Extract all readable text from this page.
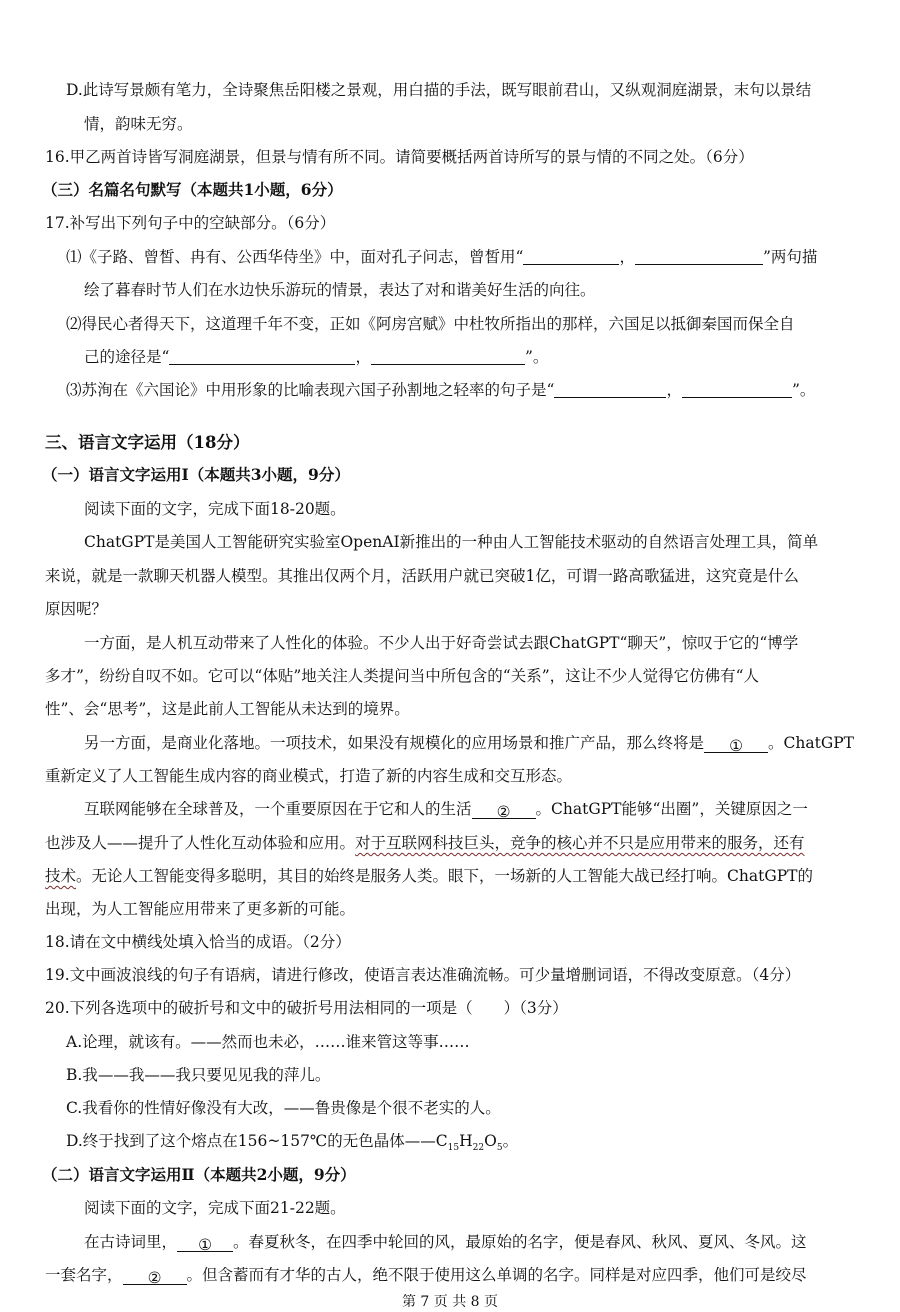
D.此诗写景颇有笔力，全诗聚焦岳阳楼之景观，用白描的手法，既写眼前君山，又纵观洞庭湖景，末句以景结
情，韵味无穷。
16.甲乙两首诗皆写洞庭湖景，但景与情有所不同。请简要概括两首诗所写的景与情的不同之处。（6分）
（三）名篇名句默写（本题共1小题，6分）
17.补写出下列句子中的空缺部分。（6分）
⑴《子路、曾皙、冉有、公西华侍坐》中，面对孔子问志，曾皙用“	，	”两句描
绘了暮春时节人们在水边快乐游玩的情景，表达了对和谐美好生活的向往。
⑵得民心者得天下，这道理千年不变，正如《阿房宫赋》中杜牧所指出的那样，六国足以抵御秦国而保全自
己的途径是“	，	”。
⑶苏洵在《六国论》中用形象的比喻表现六国子孙割地之轻率的句子是“	，	”。
三、语言文字运用（18分）
（一）语言文字运用Ⅰ（本题共3小题，9分）
阅读下面的文字，完成下面18-20题。
ChatGPT是美国人工智能研究实验室OpenAI新推出的一种由人工智能技术驱动的自然语言处理工具，简单
来说，就是一款聊天机器人模型。其推出仅两个月，活跃用户就已突破1亿，可谓一路高歌猛进，这究竟是什么
原因呢？
一方面，是人机互动带来了人性化的体验。不少人出于好奇尝试去跟ChatGPT“聊天”，惊叹于它的“博学
多才”，纷纷自叹不如。它可以“体贴”地关注人类提问当中所包含的“关系”，这让不少人觉得它仿佛有“人
性”、会“思考”，这是此前人工智能从未达到的境界。
另一方面，是商业化落地。一项技术，如果没有规模化的应用场景和推广产品，那么终将是 ① 。ChatGPT
重新定义了人工智能生成内容的商业模式，打造了新的内容生成和交互形态。
互联网能够在全球普及，一个重要原因在于它和人的生活 ② 。ChatGPT能够“出圈”，关键原因之一
也涉及人——提升了人性化互动体验和应用。对于互联网科技巨头，竞争的核心并不只是应用带来的服务，还有
技术。无论人工智能变得多聪明，其目的始终是服务人类。眼下，一场新的人工智能大战已经打响。ChatGPT的
出现，为人工智能应用带来了更多新的可能。
18.请在文中横线处填入恰当的成语。（2分）
19.文中画波浪线的句子有语病，请进行修改，使语言表达准确流畅。可少量增删词语，不得改变原意。（4分）
20.下列各选项中的破折号和文中的破折号用法相同的一项是（　　）（3分）
A.论理，就该有。——然而也未必，……谁来管这等事……
B.我——我——我只要见见我的萍儿。
C.我看你的性情好像没有大改，——鲁贵像是个很不老实的人。
D.终于找到了这个熔点在156~157℃的无色晶体$——C_{15}H_{22}O_5$。
（二）语言文字运用Ⅱ（本题共2小题，9分）
阅读下面的文字，完成下面21-22题。
在古诗词里， ① 。春夏秋冬，在四季中轮回的风，最原始的名字，便是春风、秋风、夏风、冬风。这
一套名字， ② 。但含蓄而有才华的古人，绝不限于使用这么单调的名字。同样是对应四季，他们可是绞尽
第 7 页 共 8 页
